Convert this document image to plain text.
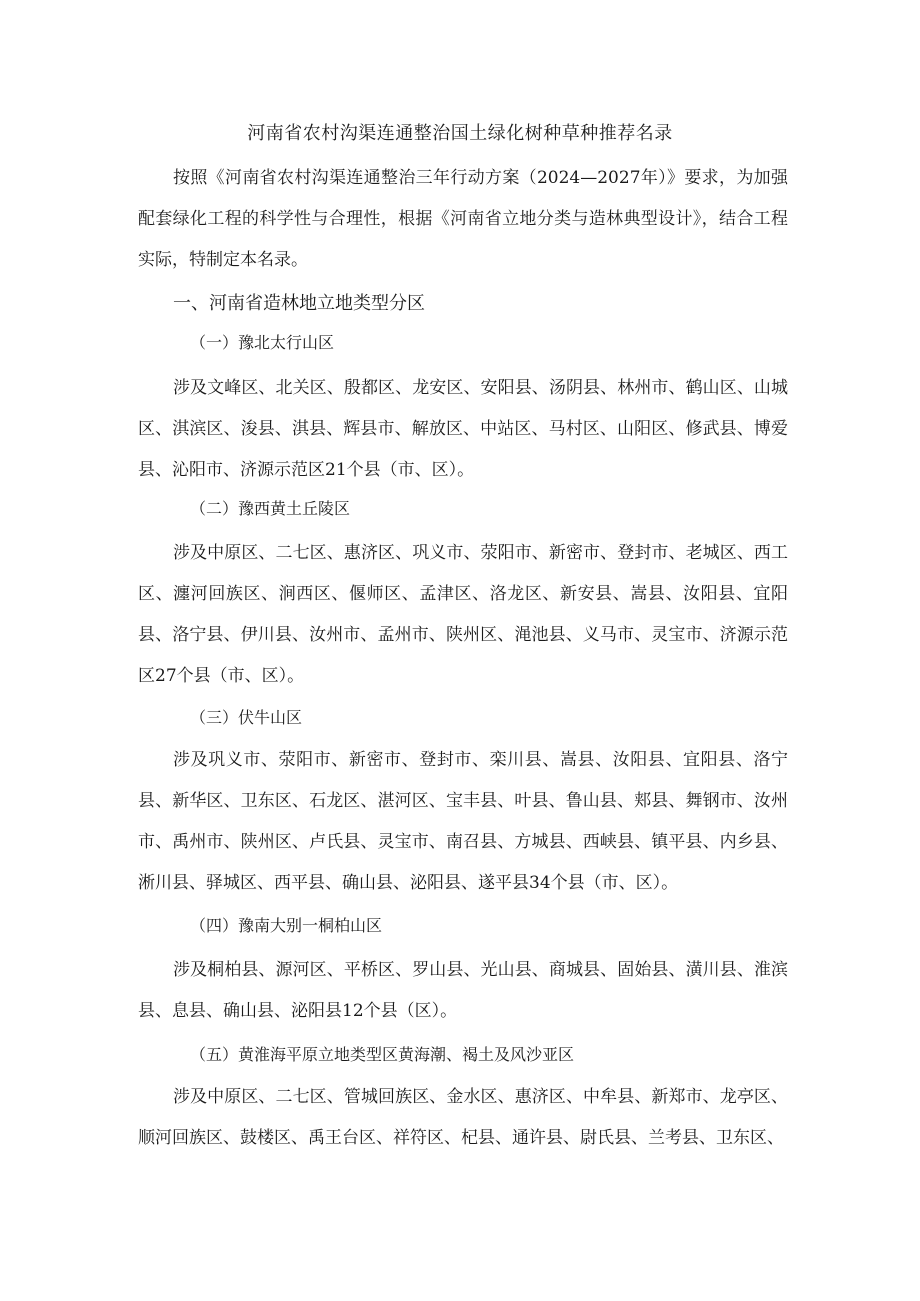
河南省农村沟渠连通整治国土绿化树种草种推荐名录

按照《河南省农村沟渠连通整治三年行动方案（2024—2027年）》要求，为加强配套绿化工程的科学性与合理性，根据《河南省立地分类与造林典型设计》，结合工程实际，特制定本名录。

一、河南省造林地立地类型分区
（一）豫北太行山区

涉及文峰区、北关区、殷都区、龙安区、安阳县、汤阴县、林州市、鹤山区、山城区、淇滨区、浚县、淇县、辉县市、解放区、中站区、马村区、山阳区、修武县、博爱县、沁阳市、济源示范区21个县（市、区）。

（二）豫西黄土丘陵区

涉及中原区、二七区、惠济区、巩义市、荥阳市、新密市、登封市、老城区、西工区、瀍河回族区、涧西区、偃师区、孟津区、洛龙区、新安县、嵩县、汝阳县、宜阳县、洛宁县、伊川县、汝州市、孟州市、陕州区、渑池县、义马市、灵宝市、济源示范区27个县（市、区）。

（三）伏牛山区

涉及巩义市、荥阳市、新密市、登封市、栾川县、嵩县、汝阳县、宜阳县、洛宁县、新华区、卫东区、石龙区、湛河区、宝丰县、叶县、鲁山县、郏县、舞钢市、汝州市、禹州市、陕州区、卢氏县、灵宝市、南召县、方城县、西峡县、镇平县、内乡县、淅川县、驿城区、西平县、确山县、泌阳县、遂平县34个县（市、区）。

（四）豫南大别一桐柏山区

涉及桐柏县、源河区、平桥区、罗山县、光山县、商城县、固始县、潢川县、淮滨县、息县、确山县、泌阳县12个县（区）。

（五）黄淮海平原立地类型区黄海潮、褐土及风沙亚区

涉及中原区、二七区、管城回族区、金水区、惠济区、中牟县、新郑市、龙亭区、顺河回族区、鼓楼区、禹王台区、祥符区、杞县、通许县、尉氏县、兰考县、卫东区、
